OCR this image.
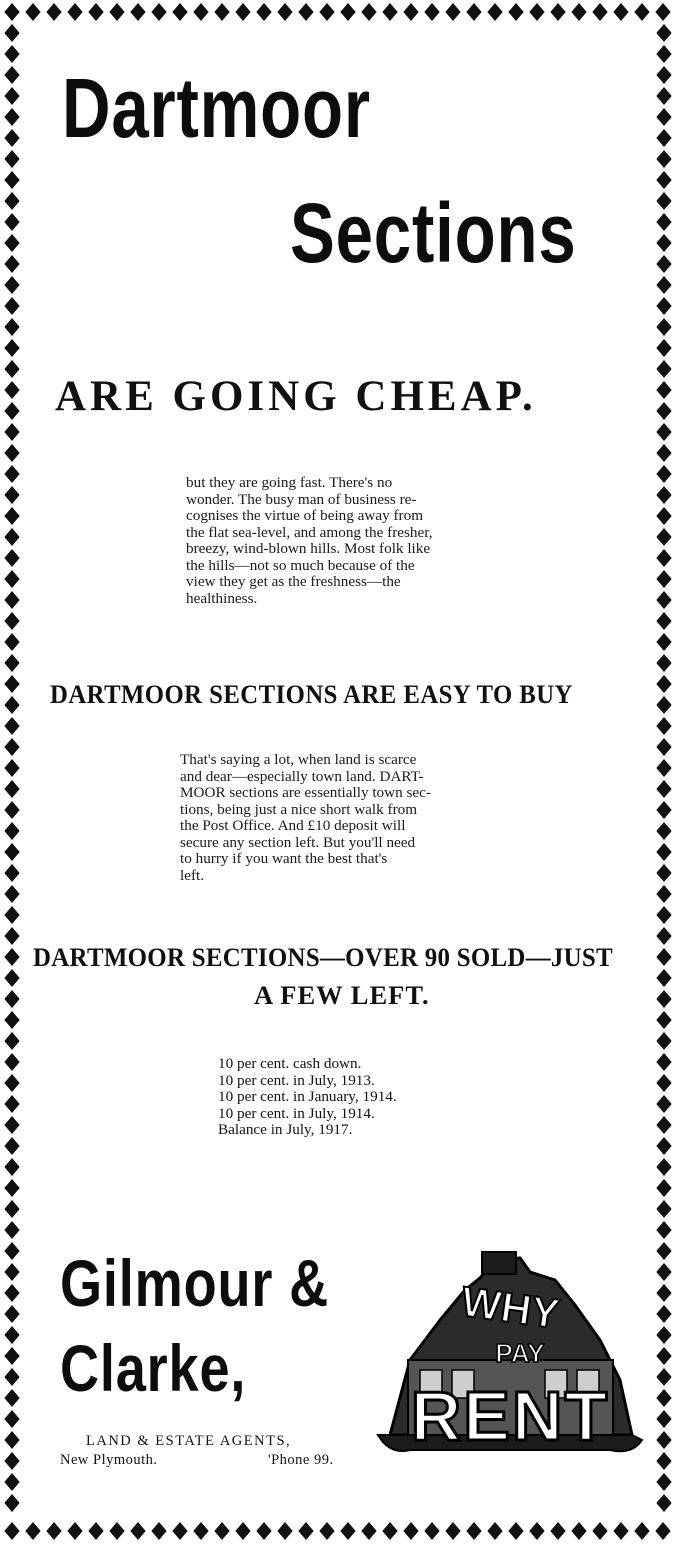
Dartmoor
Sections
ARE GOING CHEAP.
but they are going fast. There's no
wonder. The busy man of business re-
cognises the virtue of being away from
the flat sea-level, and among the fresher,
breezy, wind-blown hills. Most folk like
the hills—not so much because of the
view they get as the freshness—the
healthiness.
DARTMOOR SECTIONS ARE EASY TO BUY
That's saying a lot, when land is scarce
and dear—especially town land. DART-
MOOR sections are essentially town sec-
tions, being just a nice short walk from
the Post Office. And £10 deposit will
secure any section left. But you'll need
to hurry if you want the best that's
left.
DARTMOOR SECTIONS—OVER 90 SOLD—JUST
A FEW LEFT.
10 per cent. cash down.
10 per cent. in July, 1913.
10 per cent. in January, 1914.
10 per cent. in July, 1914.
Balance in July, 1917.
Gilmour &
Clarke,
LAND & ESTATE AGENTS,
New Plymouth.	'Phone 99.
WHY
PAY
RENT
